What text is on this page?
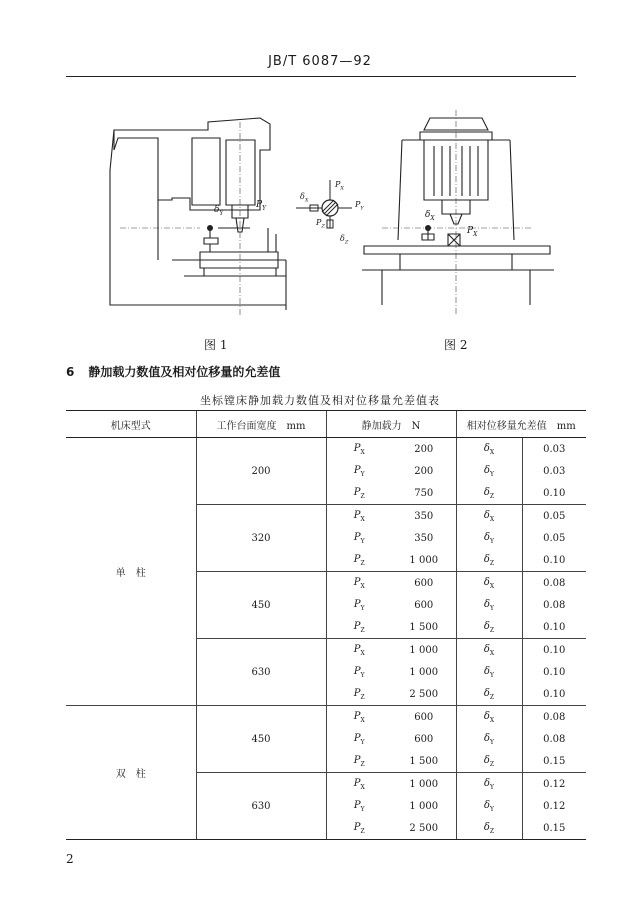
JB/T 6087—92
$\delta_Y$
$P_Y$
$P_X$
$P_Y$
$P_Z$
$\delta_X$
$\delta_Z$
$\delta_X$
$P_X$
图 1	图 2
6 静加载力数值及相对位移量的允差值
坐标镗床静加载力数值及相对位移量允差值表
机床型式	工作台面宽度　mm	静加载力　N		相对位移量允差值　mm	
单　柱	200	$P_X$	200	$\delta_X$	0.03
		$P_Y$	200	$\delta_Y$	0.03
		$P_Z$	750	$\delta_Z$	0.10
	320	$P_X$	350	$\delta_X$	0.05
		$P_Y$	350	$\delta_Y$	0.05
		$P_Z$	1 000	$\delta_Z$	0.10
	450	$P_X$	600	$\delta_X$	0.08
		$P_Y$	600	$\delta_Y$	0.08
		$P_Z$	1 500	$\delta_Z$	0.10
	630	$P_X$	1 000	$\delta_X$	0.10
		$P_Y$	1 000	$\delta_Y$	0.10
		$P_Z$	2 500	$\delta_Z$	0.10
双　柱	450	$P_X$	600	$\delta_X$	0.08
		$P_Y$	600	$\delta_Y$	0.08
		$P_Z$	1 500	$\delta_Z$	0.15
	630	$P_X$	1 000	$\delta_Y$	0.12
		$P_Y$	1 000	$\delta_Y$	0.12
		$P_Z$	2 500	$\delta_Z$	0.15
2
